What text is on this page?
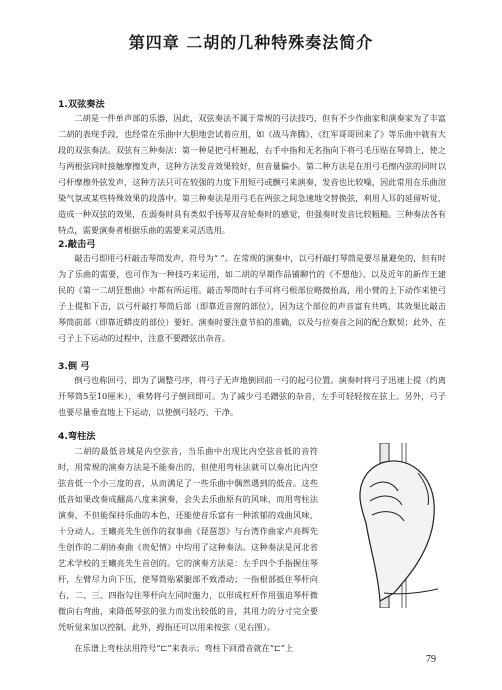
第四章 二胡的几种特殊奏法简介

1.双弦奏法

二胡是一件单声部的乐器，因此，双弦奏法不属于常规的弓法技巧，但有不少作曲家和演奏家为了丰富二胡的表现手段，也经常在乐曲中大胆地尝试着应用，如《战马奔腾》、《红军哥哥回来了》等乐曲中就有大段的双弦奏法。双弦有三种奏法：第一种是把弓杆翘起，右手中指和无名指向下将弓毛压贴在琴筒上，使之与两根弦同时接触摩擦发声，这种方法发音效果较好，但音量偏小。第二种方法是在用弓毛擦内弦的同时以弓杆摩擦外弦发声，这种方法只可在较强的力度下用短弓或颤弓来演奏，发音也比较噪，因此常用在乐曲渲染气氛或某些特殊效果的段落中。第三种奏法是用弓毛在两弦之间急速地交替换弦，利用人耳的延留听觉，造成一种双弦的效果，在弱奏时具有类似手扬琴双音轮奏时的感觉，但强奏时发音比较粗糙。三种奏法各有特点，需要演奏者根据乐曲的需要来灵活选用。

2.敲击弓

敲击弓即用弓杆敲击琴筒发声，符号为“ ”。在常规的演奏中，以弓杆敲打琴筒是要尽量避免的，但有时为了乐曲的需要，也可作为一种技巧来运用，如二胡的早期作品铺聊竹的《不想他》，以及近年的新作王建民的《第一二胡狂想曲》中都有所运用。敲击琴筒时右手可将弓根部位略微抬高，用小臂的上下动作来使弓子上提和下击，以弓杆敲打琴筒后部（即靠近音窗的部位），因为这个部位的声音富有共鸣，其效果比敲击琴筒前部（即靠近蟒皮的部位）要好。演奏时要注意节拍的准确，以及与拉奏音之间的配合默契；此外，在弓子上下运动的过程中，注意不要蹭弦出杂音。

3.倒 弓

倒弓也称回弓，即为了调整弓序，将弓子无声地倒回前一弓的起弓位置。演奏时将弓子迅速上提（约离开琴筒5至10厘米），乘势将弓子倒回即可。为了减少弓毛蹭弦的杂音，左手可轻轻按在弦上。另外，弓子也要尽量垂直地上下运动，以使倒弓轻巧、干净。

4.弯柱法

二胡的最低音域是内空弦音，当乐曲中出现比内空弦音低的音符时，用常规的演奏方法是不能奏出的，但使用弯柱法就可以奏出比内空弦音低一个小三度的音，从而满足了一些乐曲中偶然遇到的低音。这些低音如果改奏成翻高八度来演奏，会失去乐曲原有的风味，而用弯柱法演奏，不但能保持乐曲的本色，还能使音乐富有一种浓郁的戏曲风味，十分动人。王曦亮先生创作的叙事曲《琵琶怨》与台湾作曲家卢亮辉先生创作的二胡协奏曲《贵妃情》中均用了这种奏法。这种奏法是河北省艺术学校的王曦亮先生首创的。它的演奏方法是：左手四个手指握住琴杆，左臂尽力向下压，使琴筒贴紧腿部不致滑动；一指根部抵住琴杆向右，二、三、四指勾住琴杆向左同时施力，以形成杠杆作用强迫琴杆微微向右弯曲，来降低琴弦的张力而发出较低的音，其用力的分寸完全要凭听觉来加以控制。此外，拇指还可以用来按弦（见右图）。

在乐谱上弯柱法用符号“⊏”来表示；弯柱下回滑音就在“⊏”上

79
